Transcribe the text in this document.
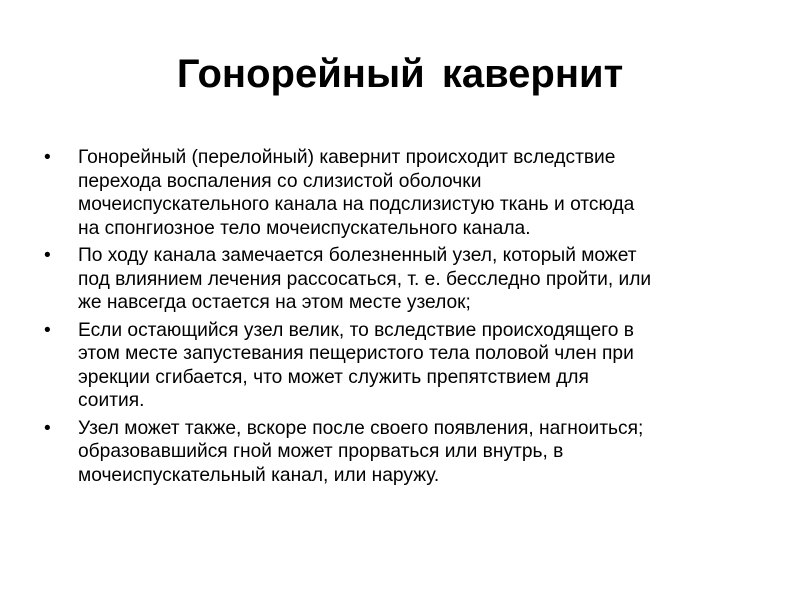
Гонорейный кавернит
•	Гонорейный (перелойный) кавернит происходит вследствие
перехода воспаления со слизистой оболочки
мочеиспускательного канала на подслизистую ткань и отсюда
на спонгиозное тело мочеиспускательного канала.
•	По ходу канала замечается болезненный узел, который может
под влиянием лечения рассосаться, т. е. бесследно пройти, или
же навсегда остается на этом месте узелок;
•	Если остающийся узел велик, то вследствие происходящего в
этом месте запустевания пещеристого тела половой член при
эрекции сгибается, что может служить препятствием для
соития.
•	Узел может также, вскоре после своего появления, нагноиться;
образовавшийся гной может прорваться или внутрь, в
мочеиспускательный канал, или наружу.
